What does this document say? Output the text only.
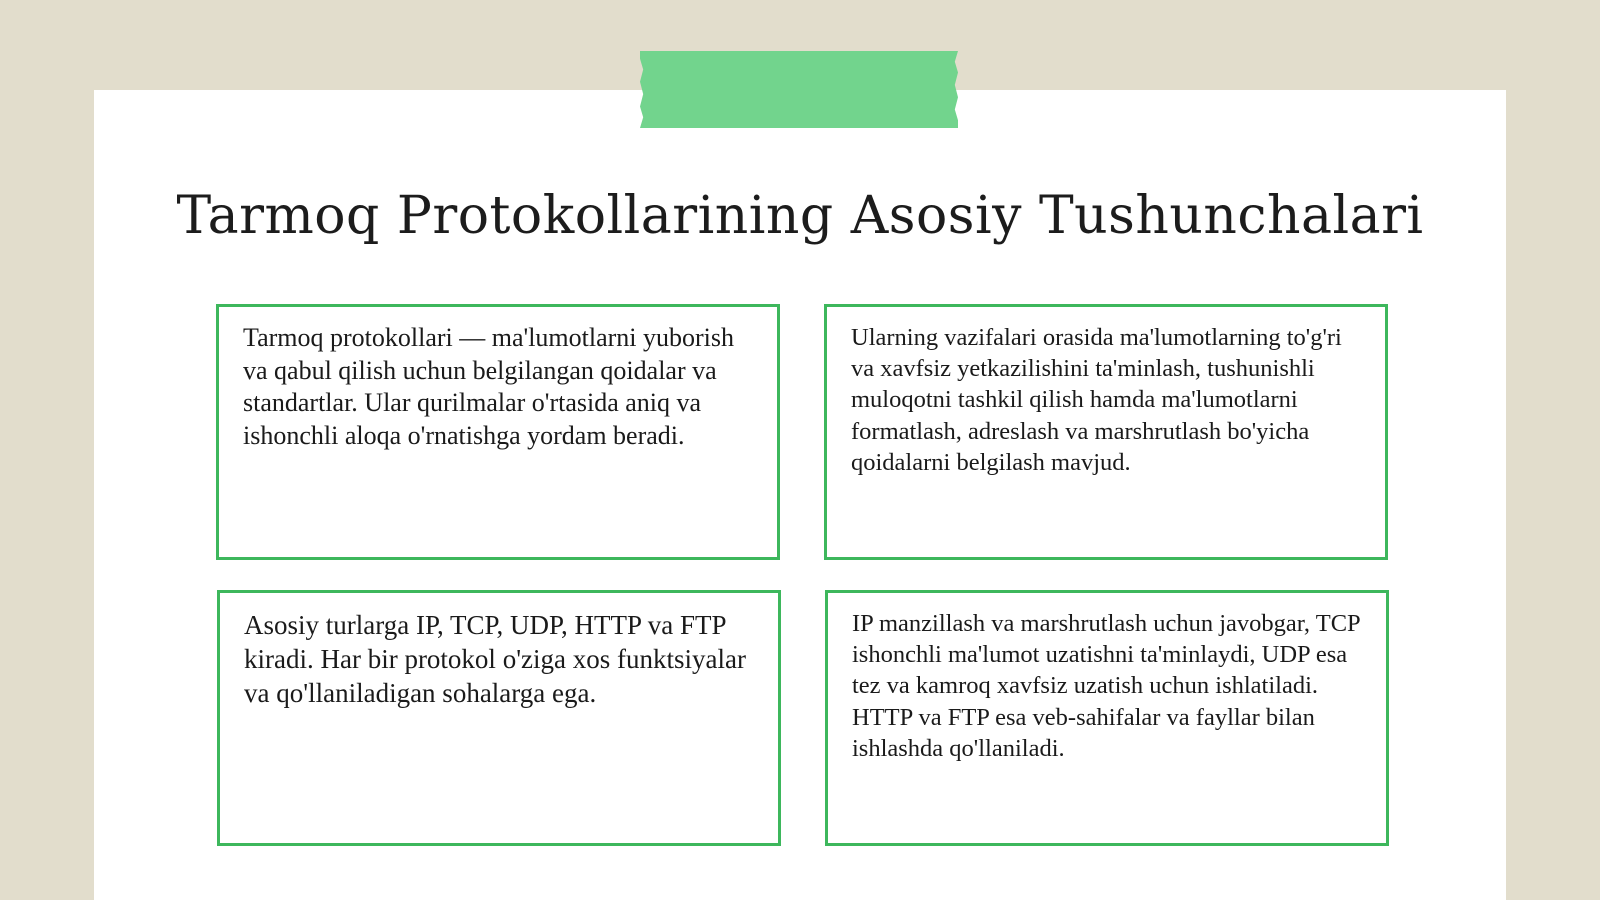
Tarmoq Protokollarining Asosiy Tushunchalari

Tarmoq protokollari — ma'lumotlarni yuborish va qabul qilish uchun belgilangan qoidalar va standartlar. Ular qurilmalar o'rtasida aniq va ishonchli aloqa o'rnatishga yordam beradi.

Ularning vazifalari orasida ma'lumotlarning to'g'ri va xavfsiz yetkazilishini ta'minlash, tushunishli muloqotni tashkil qilish hamda ma'lumotlarni formatlash, adreslash va marshrutlash bo'yicha qoidalarni belgilash mavjud.

Asosiy turlarga IP, TCP, UDP, HTTP va FTP kiradi. Har bir protokol o'ziga xos funktsiyalar va qo'llaniladigan sohalarga ega.

IP manzillash va marshrutlash uchun javobgar, TCP ishonchli ma'lumot uzatishni ta'minlaydi, UDP esa tez va kamroq xavfsiz uzatish uchun ishlatiladi. HTTP va FTP esa veb-sahifalar va fayllar bilan ishlashda qo'llaniladi.
